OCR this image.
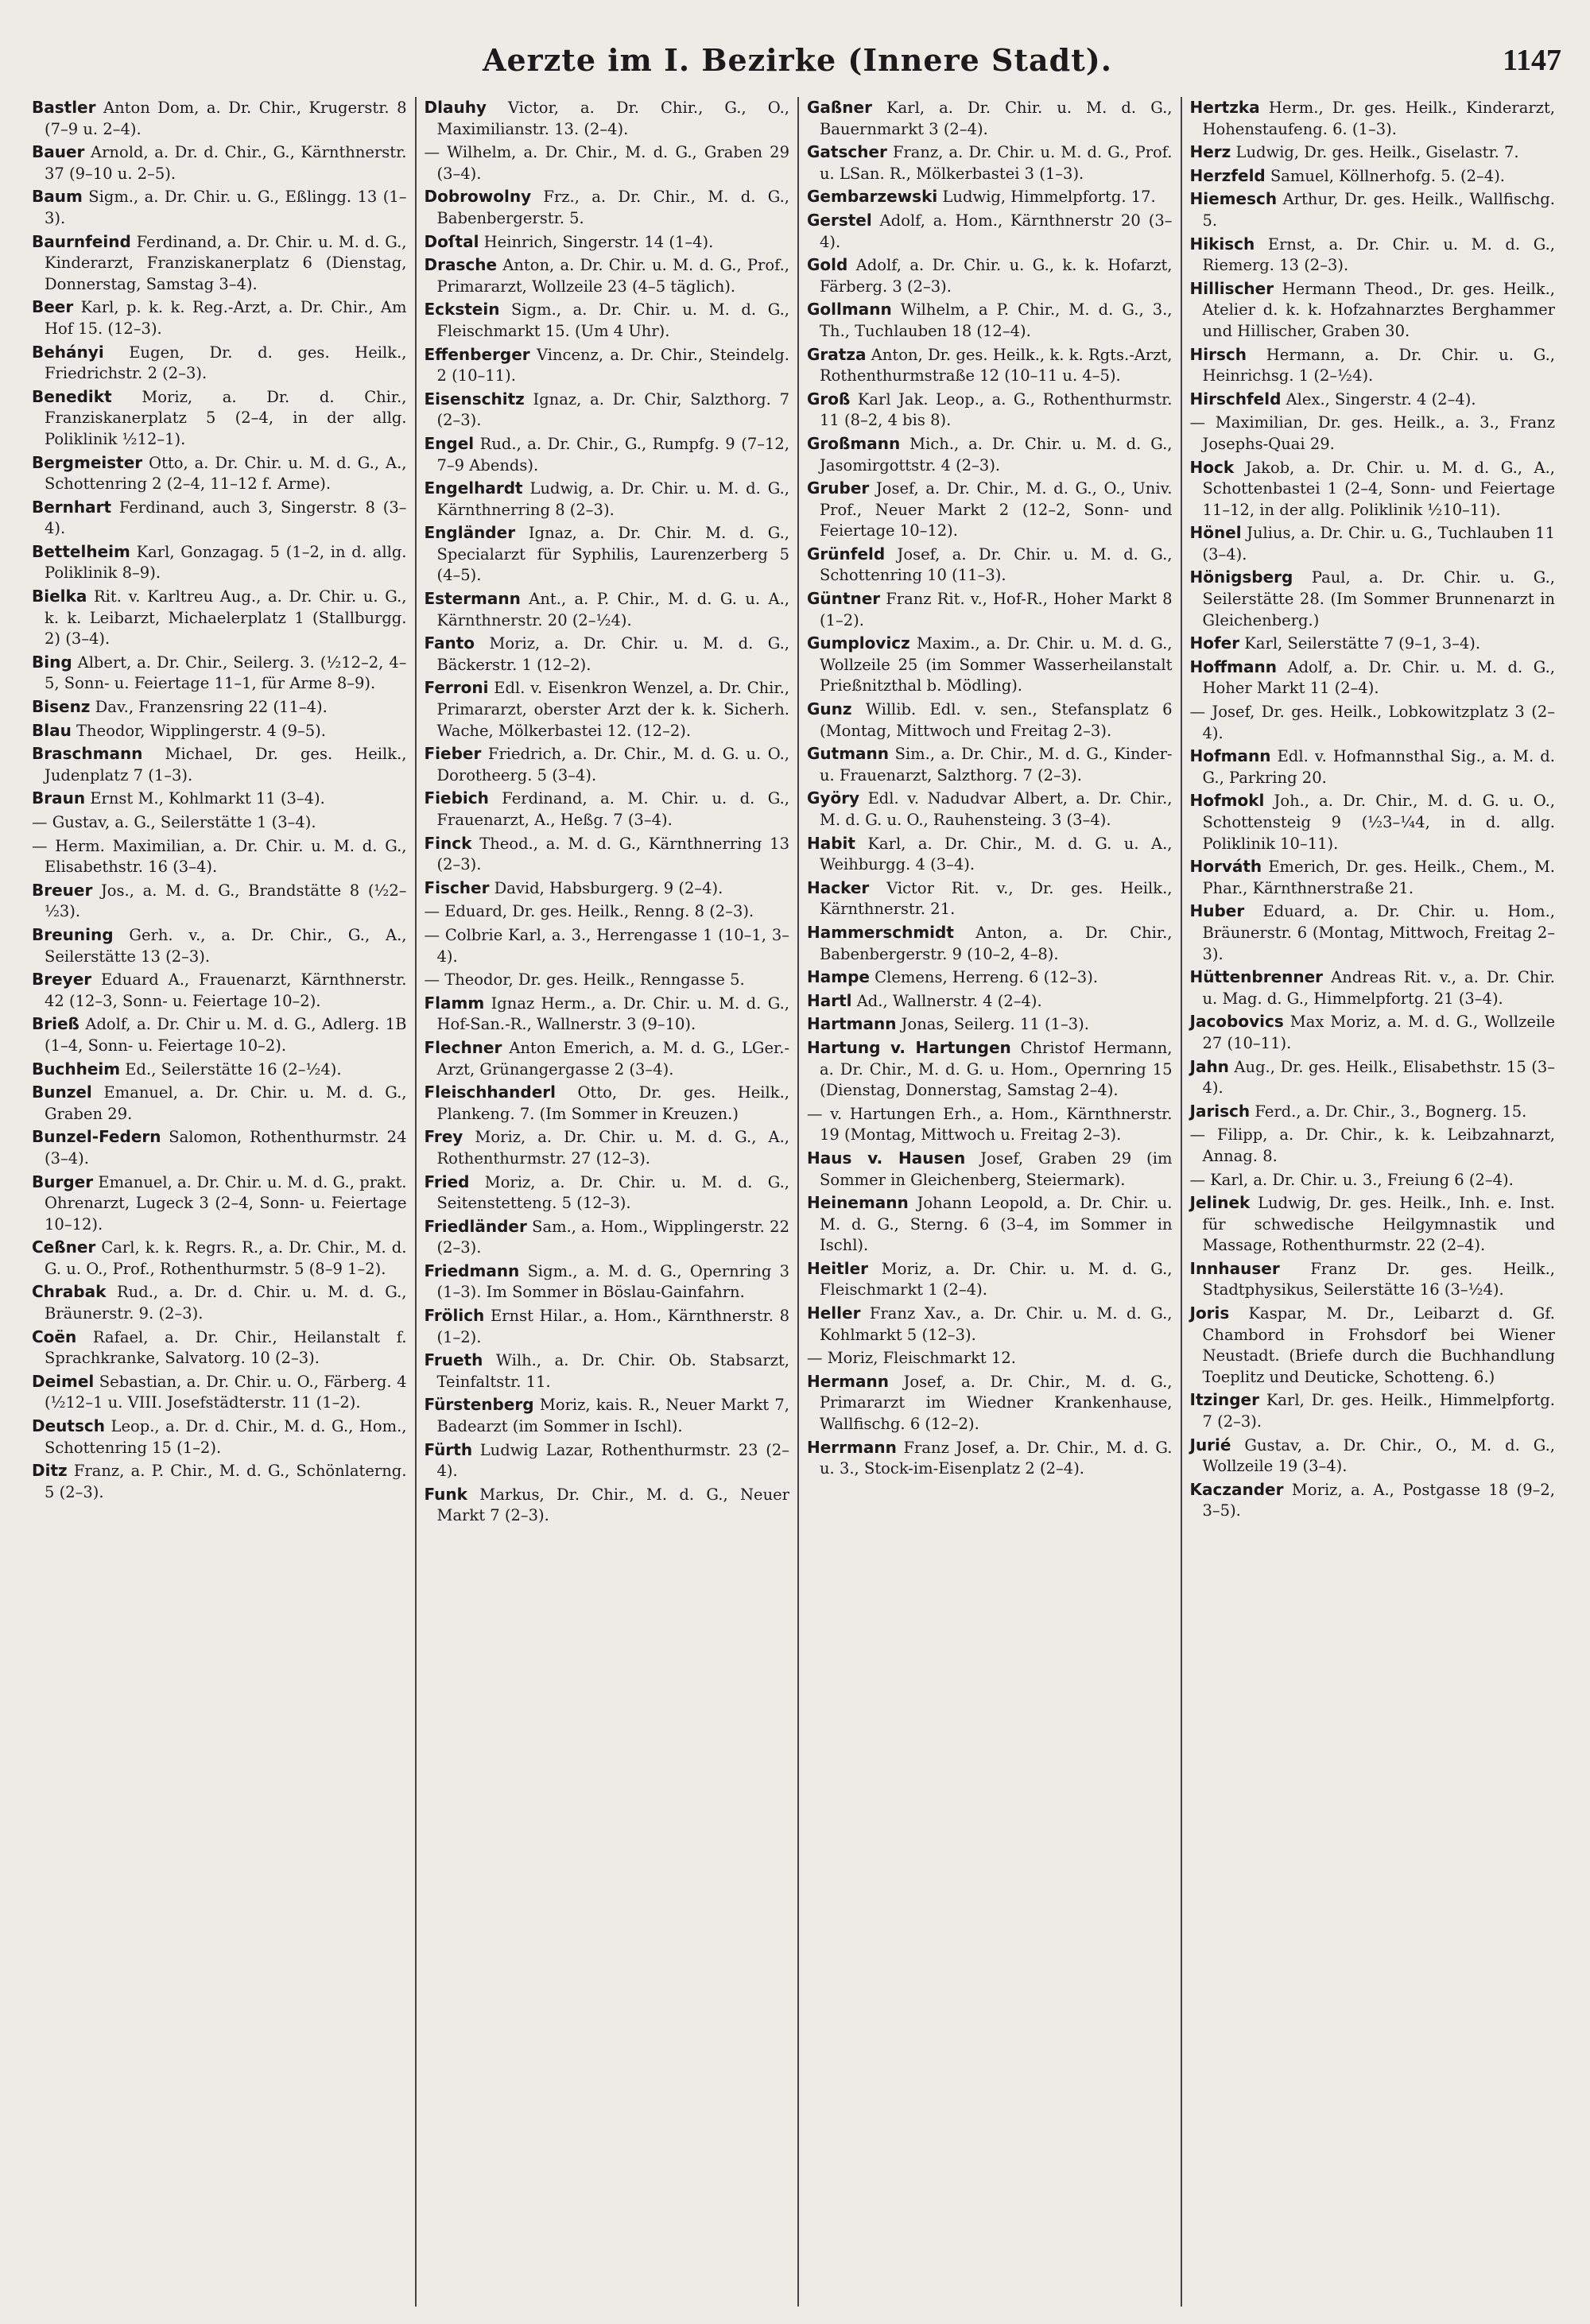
Aerzte im I. Bezirke (Innere Stadt).	1147

Bastler Anton Dom, a. Dr. Chir., Krugerstr. 8 (7–9 u. 2–4).

Bauer Arnold, a. Dr. d. Chir., G., Kärnthnerstr. 37 (9–10 u. 2–5).

Baum Sigm., a. Dr. Chir. u. G., Eßlingg. 13 (1–3).

Baurnfeind Ferdinand, a. Dr. Chir. u. M. d. G., Kinderarzt, Franziskanerplatz 6 (Dienstag, Donnerstag, Samstag 3–4).

Beer Karl, p. k. k. Reg.-Arzt, a. Dr. Chir., Am Hof 15. (12–3).

Behányi Eugen, Dr. d. ges. Heilk., Friedrichstr. 2 (2–3).

Benedikt Moriz, a. Dr. d. Chir., Franziskanerplatz 5 (2–4, in der allg. Poliklinik ½12–1).

Bergmeister Otto, a. Dr. Chir. u. M. d. G., A., Schottenring 2 (2–4, 11–12 f. Arme).

Bernhart Ferdinand, auch 3, Singerstr. 8 (3–4).

Bettelheim Karl, Gonzagag. 5 (1–2, in d. allg. Poliklinik 8–9).

Bielka Rit. v. Karltreu Aug., a. Dr. Chir. u. G., k. k. Leibarzt, Michaelerplatz 1 (Stallburgg. 2) (3–4).

Bing Albert, a. Dr. Chir., Seilerg. 3. (½12–2, 4–5, Sonn- u. Feiertage 11–1, für Arme 8–9).

Bisenz Dav., Franzensring 22 (11–4).

Blau Theodor, Wipplingerstr. 4 (9–5).

Braschmann Michael, Dr. ges. Heilk., Judenplatz 7 (1–3).

Braun Ernst M., Kohlmarkt 11 (3–4).

— Gustav, a. G., Seilerstätte 1 (3–4).

— Herm. Maximilian, a. Dr. Chir. u. M. d. G., Elisabethstr. 16 (3–4).

Breuer Jos., a. M. d. G., Brandstätte 8 (½2–½3).

Breuning Gerh. v., a. Dr. Chir., G., A., Seilerstätte 13 (2–3).

Breyer Eduard A., Frauenarzt, Kärnthnerstr. 42 (12–3, Sonn- u. Feiertage 10–2).

Brieß Adolf, a. Dr. Chir u. M. d. G., Adlerg. 1B (1–4, Sonn- u. Feiertage 10–2).

Buchheim Ed., Seilerstätte 16 (2–½4).

Bunzel Emanuel, a. Dr. Chir. u. M. d. G., Graben 29.

Bunzel-Federn Salomon, Rothenthurmstr. 24 (3–4).

Burger Emanuel, a. Dr. Chir. u. M. d. G., prakt. Ohrenarzt, Lugeck 3 (2–4, Sonn- u. Feiertage 10–12).

Ceßner Carl, k. k. Regrs. R., a. Dr. Chir., M. d. G. u. O., Prof., Rothenthurmstr. 5 (8–9 1–2).

Chrabak Rud., a. Dr. d. Chir. u. M. d. G., Bräunerstr. 9. (2–3).

Coën Rafael, a. Dr. Chir., Heilanstalt f. Sprachkranke, Salvatorg. 10 (2–3).

Deimel Sebastian, a. Dr. Chir. u. O., Färberg. 4 (½12–1 u. VIII. Josefstädterstr. 11 (1–2).

Deutsch Leop., a. Dr. d. Chir., M. d. G., Hom., Schottenring 15 (1–2).

Ditz Franz, a. P. Chir., M. d. G., Schönlaterng. 5 (2–3).

Dlauhy Victor, a. Dr. Chir., G., O., Maximilianstr. 13. (2–4).

— Wilhelm, a. Dr. Chir., M. d. G., Graben 29 (3–4).

Dobrowolny Frz., a. Dr. Chir., M. d. G., Babenbergerstr. 5.

Doſtal Heinrich, Singerstr. 14 (1–4).

Drasche Anton, a. Dr. Chir. u. M. d. G., Prof., Primararzt, Wollzeile 23 (4–5 täglich).

Eckstein Sigm., a. Dr. Chir. u. M. d. G., Fleischmarkt 15. (Um 4 Uhr).

Effenberger Vincenz, a. Dr. Chir., Steindelg. 2 (10–11).

Eisenschitz Ignaz, a. Dr. Chir, Salzthorg. 7 (2–3).

Engel Rud., a. Dr. Chir., G., Rumpfg. 9 (7–12, 7–9 Abends).

Engelhardt Ludwig, a. Dr. Chir. u. M. d. G., Kärnthnerring 8 (2–3).

Engländer Ignaz, a. Dr. Chir. M. d. G., Specialarzt für Syphilis, Laurenzerberg 5 (4–5).

Estermann Ant., a. P. Chir., M. d. G. u. A., Kärnthnerstr. 20 (2–½4).

Fanto Moriz, a. Dr. Chir. u. M. d. G., Bäckerstr. 1 (12–2).

Ferroni Edl. v. Eisenkron Wenzel, a. Dr. Chir., Primararzt, oberster Arzt der k. k. Sicherh. Wache, Mölkerbastei 12. (12–2).

Fieber Friedrich, a. Dr. Chir., M. d. G. u. O., Dorotheerg. 5 (3–4).

Fiebich Ferdinand, a. M. Chir. u. d. G., Frauenarzt, A., Heßg. 7 (3–4).

Finck Theod., a. M. d. G., Kärnthnerring 13 (2–3).

Fischer David, Habsburgerg. 9 (2–4).

— Eduard, Dr. ges. Heilk., Renng. 8 (2–3).

— Colbrie Karl, a. 3., Herrengasse 1 (10–1, 3–4).

— Theodor, Dr. ges. Heilk., Renngasse 5.

Flamm Ignaz Herm., a. Dr. Chir. u. M. d. G., Hof-San.-R., Wallnerstr. 3 (9–10).

Flechner Anton Emerich, a. M. d. G., LGer.-Arzt, Grünangergasse 2 (3–4).

Fleischhanderl Otto, Dr. ges. Heilk., Plankeng. 7. (Im Sommer in Kreuzen.)

Frey Moriz, a. Dr. Chir. u. M. d. G., A., Rothenthurmstr. 27 (12–3).

Fried Moriz, a. Dr. Chir. u. M. d. G., Seitenstetteng. 5 (12–3).

Friedländer Sam., a. Hom., Wipplingerstr. 22 (2–3).

Friedmann Sigm., a. M. d. G., Opernring 3 (1–3). Im Sommer in Böslau-Gainfahrn.

Frölich Ernst Hilar., a. Hom., Kärnthnerstr. 8 (1–2).

Frueth Wilh., a. Dr. Chir. Ob. Stabsarzt, Teinfaltstr. 11.

Fürstenberg Moriz, kais. R., Neuer Markt 7, Badearzt (im Sommer in Ischl).

Fürth Ludwig Lazar, Rothenthurmstr. 23 (2–4).

Funk Markus, Dr. Chir., M. d. G., Neuer Markt 7 (2–3).

Gaßner Karl, a. Dr. Chir. u. M. d. G., Bauernmarkt 3 (2–4).

Gatscher Franz, a. Dr. Chir. u. M. d. G., Prof. u. LSan. R., Mölkerbastei 3 (1–3).

Gembarzewski Ludwig, Himmelpfortg. 17.

Gerstel Adolf, a. Hom., Kärnthnerstr 20 (3–4).

Gold Adolf, a. Dr. Chir. u. G., k. k. Hofarzt, Färberg. 3 (2–3).

Gollmann Wilhelm, a P. Chir., M. d. G., 3., Th., Tuchlauben 18 (12–4).

Gratza Anton, Dr. ges. Heilk., k. k. Rgts.-Arzt, Rothenthurmstraße 12 (10–11 u. 4–5).

Groß Karl Jak. Leop., a. G., Rothenthurmstr. 11 (8–2, 4 bis 8).

Großmann Mich., a. Dr. Chir. u. M. d. G., Jasomirgottstr. 4 (2–3).

Gruber Josef, a. Dr. Chir., M. d. G., O., Univ. Prof., Neuer Markt 2 (12–2, Sonn- und Feiertage 10–12).

Grünfeld Josef, a. Dr. Chir. u. M. d. G., Schottenring 10 (11–3).

Güntner Franz Rit. v., Hof-R., Hoher Markt 8 (1–2).

Gumplovicz Maxim., a. Dr. Chir. u. M. d. G., Wollzeile 25 (im Sommer Wasserheilanstalt Prießnitzthal b. Mödling).

Gunz Willib. Edl. v. sen., Stefansplatz 6 (Montag, Mittwoch und Freitag 2–3).

Gutmann Sim., a. Dr. Chir., M. d. G., Kinder- u. Frauenarzt, Salzthorg. 7 (2–3).

Györy Edl. v. Nadudvar Albert, a. Dr. Chir., M. d. G. u. O., Rauhensteing. 3 (3–4).

Habit Karl, a. Dr. Chir., M. d. G. u. A., Weihburgg. 4 (3–4).

Hacker Victor Rit. v., Dr. ges. Heilk., Kärnthnerstr. 21.

Hammerschmidt Anton, a. Dr. Chir., Babenbergerstr. 9 (10–2, 4–8).

Hampe Clemens, Herreng. 6 (12–3).

Hartl Ad., Wallnerstr. 4 (2–4).

Hartmann Jonas, Seilerg. 11 (1–3).

Hartung v. Hartungen Christof Hermann, a. Dr. Chir., M. d. G. u. Hom., Opernring 15 (Dienstag, Donnerstag, Samstag 2–4).

— v. Hartungen Erh., a. Hom., Kärnthnerstr. 19 (Montag, Mittwoch u. Freitag 2–3).

Haus v. Hausen Josef, Graben 29 (im Sommer in Gleichenberg, Steiermark).

Heinemann Johann Leopold, a. Dr. Chir. u. M. d. G., Sterng. 6 (3–4, im Sommer in Ischl).

Heitler Moriz, a. Dr. Chir. u. M. d. G., Fleischmarkt 1 (2–4).

Heller Franz Xav., a. Dr. Chir. u. M. d. G., Kohlmarkt 5 (12–3).

— Moriz, Fleischmarkt 12.

Hermann Josef, a. Dr. Chir., M. d. G., Primararzt im Wiedner Krankenhause, Wallfischg. 6 (12–2).

Herrmann Franz Josef, a. Dr. Chir., M. d. G. u. 3., Stock-im-Eisenplatz 2 (2–4).

Hertzka Herm., Dr. ges. Heilk., Kinderarzt, Hohenstaufeng. 6. (1–3).

Herz Ludwig, Dr. ges. Heilk., Giselastr. 7.

Herzfeld Samuel, Köllnerhofg. 5. (2–4).

Hiemesch Arthur, Dr. ges. Heilk., Wallfischg. 5.

Hikisch Ernst, a. Dr. Chir. u. M. d. G., Riemerg. 13 (2–3).

Hillischer Hermann Theod., Dr. ges. Heilk., Atelier d. k. k. Hofzahnarztes Berghammer und Hillischer, Graben 30.

Hirsch Hermann, a. Dr. Chir. u. G., Heinrichsg. 1 (2–½4).

Hirschfeld Alex., Singerstr. 4 (2–4).

— Maximilian, Dr. ges. Heilk., a. 3., Franz Josephs-Quai 29.

Hock Jakob, a. Dr. Chir. u. M. d. G., A., Schottenbastei 1 (2–4, Sonn- und Feiertage 11–12, in der allg. Poliklinik ½10–11).

Hönel Julius, a. Dr. Chir. u. G., Tuchlauben 11 (3–4).

Hönigsberg Paul, a. Dr. Chir. u. G., Seilerstätte 28. (Im Sommer Brunnenarzt in Gleichenberg.)

Hofer Karl, Seilerstätte 7 (9–1, 3–4).

Hoffmann Adolf, a. Dr. Chir. u. M. d. G., Hoher Markt 11 (2–4).

— Josef, Dr. ges. Heilk., Lobkowitzplatz 3 (2–4).

Hofmann Edl. v. Hofmannsthal Sig., a. M. d. G., Parkring 20.

Hofmokl Joh., a. Dr. Chir., M. d. G. u. O., Schottensteig 9 (½3–¼4, in d. allg. Poliklinik 10–11).

Horváth Emerich, Dr. ges. Heilk., Chem., M. Phar., Kärnthnerstraße 21.

Huber Eduard, a. Dr. Chir. u. Hom., Bräunerstr. 6 (Montag, Mittwoch, Freitag 2–3).

Hüttenbrenner Andreas Rit. v., a. Dr. Chir. u. Mag. d. G., Himmelpfortg. 21 (3–4).

Jacobovics Max Moriz, a. M. d. G., Wollzeile 27 (10–11).

Jahn Aug., Dr. ges. Heilk., Elisabethstr. 15 (3–4).

Jarisch Ferd., a. Dr. Chir., 3., Bognerg. 15.

— Filipp, a. Dr. Chir., k. k. Leibzahnarzt, Annag. 8.

— Karl, a. Dr. Chir. u. 3., Freiung 6 (2–4).

Jelinek Ludwig, Dr. ges. Heilk., Inh. e. Inst. für schwedische Heilgymnastik und Massage, Rothenthurmstr. 22 (2–4).

Innhauser Franz Dr. ges. Heilk., Stadtphysikus, Seilerstätte 16 (3–½4).

Joris Kaspar, M. Dr., Leibarzt d. Gf. Chambord in Frohsdorf bei Wiener Neustadt. (Briefe durch die Buchhandlung Toeplitz und Deuticke, Schotteng. 6.)

Itzinger Karl, Dr. ges. Heilk., Himmelpfortg. 7 (2–3).

Jurié Gustav, a. Dr. Chir., O., M. d. G., Wollzeile 19 (3–4).

Kaczander Moriz, a. A., Postgasse 18 (9–2, 3–5).
